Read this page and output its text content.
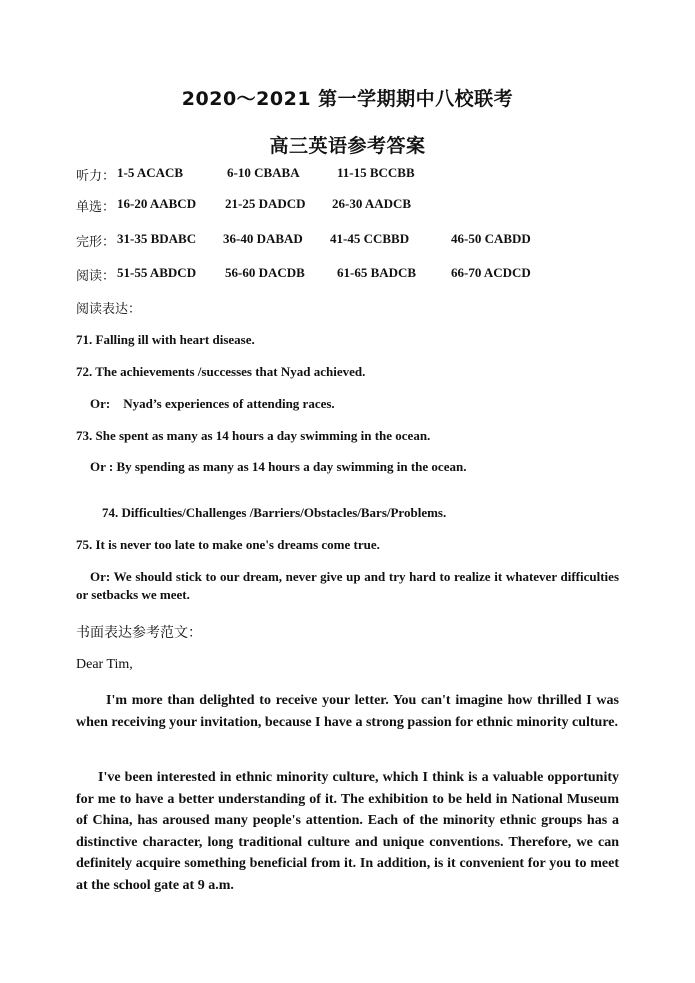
2020～2021 第一学期期中八校联考
高三英语参考答案
听力： 1-5 ACACB	6-10 CBABA	11-15 BCCBB
单选： 16-20 AABCD 21-25 DADCD 26-30 AADCB
完形： 31-35 BDABC 36-40 DABAD 41-45 CCBBD	46-50 CABDD
阅读： 51-55 ABDCD 56-60 DACDB 61-65 BADCB	66-70 ACDCD
阅读表达：
71. Falling ill with heart disease.
72. The achievements /successes that Nyad achieved.
Or:    Nyad’s experiences of attending races.
73. She spent as many as 14 hours a day swimming in the ocean.
Or : By spending as many as 14 hours a day swimming in the ocean.
74. Difficulties/Challenges /Barriers/Obstacles/Bars/Problems.
75. It is never too late to make one's dreams come true.
Or: We should stick to our dream, never give up and try hard to realize it whatever difficulties or setbacks we meet.
书面表达参考范文：
Dear Tim,
I'm more than delighted to receive your letter. You can't imagine how thrilled I was when receiving your invitation, because I have a strong passion for ethnic minority culture.
I've been interested in ethnic minority culture, which I think is a valuable opportunity for me to have a better understanding of it. The exhibition to be held in National Museum of China, has aroused many people's attention. Each of the minority ethnic groups has a distinctive character, long traditional culture and unique conventions. Therefore, we can definitely acquire something beneficial from it. In addition, is it convenient for you to meet at the school gate at 9 a.m.
